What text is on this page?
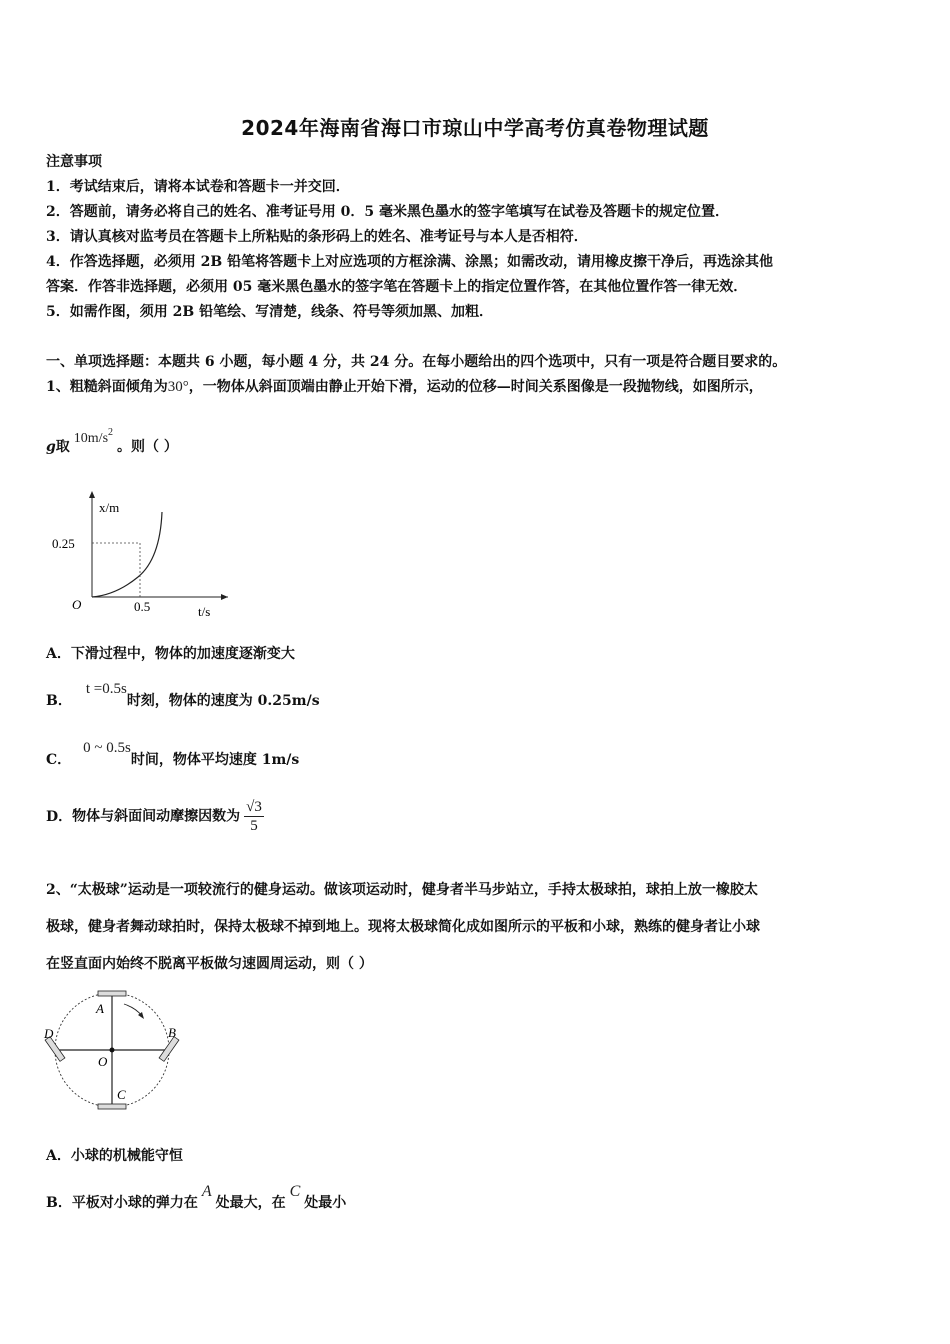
2024年海南省海口市琼山中学高考仿真卷物理试题
注意事项
1．考试结束后，请将本试卷和答题卡一并交回．
2．答题前，请务必将自己的姓名、准考证号用 0．5 毫米黑色墨水的签字笔填写在试卷及答题卡的规定位置．
3．请认真核对监考员在答题卡上所粘贴的条形码上的姓名、准考证号与本人是否相符．
4．作答选择题，必须用 2B 铅笔将答题卡上对应选项的方框涂满、涂黑；如需改动，请用橡皮擦干净后，再选涂其他
答案．作答非选择题，必须用 05 毫米黑色墨水的签字笔在答题卡上的指定位置作答，在其他位置作答一律无效．
5．如需作图，须用 2B 铅笔绘、写清楚，线条、符号等须加黑、加粗．
一、单项选择题：本题共 6 小题，每小题 4 分，共 24 分。在每小题给出的四个选项中，只有一项是符合题目要求的。
1、粗糙斜面倾角为30°，一物体从斜面顶端由静止开始下滑，运动的位移—时间关系图像是一段抛物线，如图所示，
g取$10m/s^2$。则（ ）
x/m
0.25
O	0.5	t/s
A．下滑过程中，物体的加速度逐渐变大
B．t =0.5s时刻，物体的速度为 0.25m/s
C．0 ~ 0.5s时间，物体平均速度 1m/s
D．物体与斜面间动摩擦因数为 $\frac{√3}{5}$
2、“太极球”运动是一项较流行的健身运动。做该项运动时，健身者半马步站立，手持太极球拍，球拍上放一橡胶太
极球，健身者舞动球拍时，保持太极球不掉到地上。现将太极球简化成如图所示的平板和小球，熟练的健身者让小球
在竖直面内始终不脱离平板做匀速圆周运动，则（ ）
A
B
C
D
O
A．小球的机械能守恒
B．平板对小球的弹力在A处最大，在C处最小
